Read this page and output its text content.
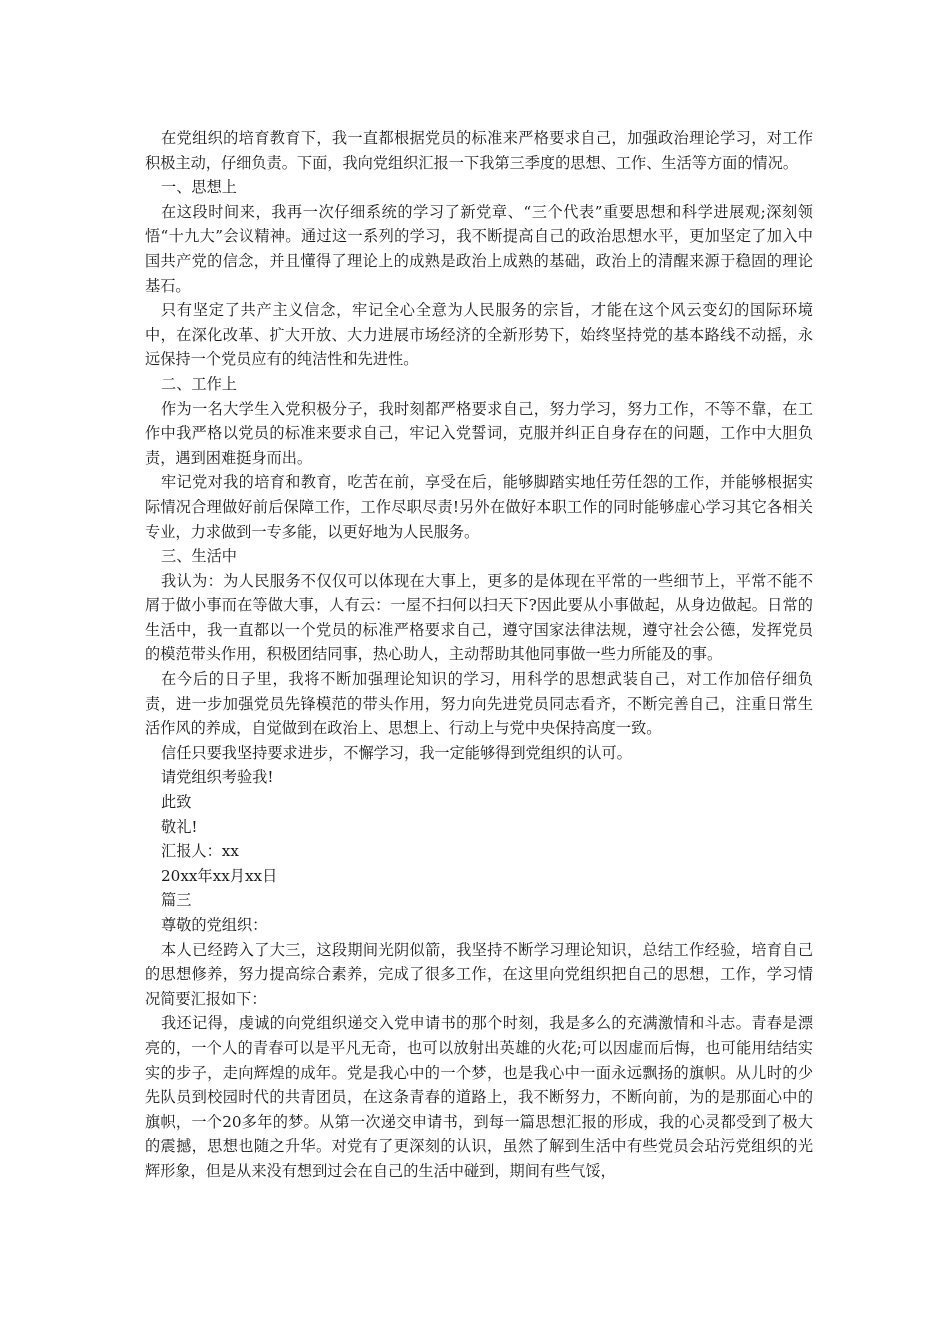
在党组织的培育教育下，我一直都根据党员的标准来严格要求自己，加强政治理论学习，对工作积极主动，仔细负责。下面，我向党组织汇报一下我第三季度的思想、工作、生活等方面的情况。

一、思想上

在这段时间来，我再一次仔细系统的学习了新党章、“三个代表”重要思想和科学进展观;深刻领悟“十九大”会议精神。通过这一系列的学习，我不断提高自己的政治思想水平，更加坚定了加入中国共产党的信念，并且懂得了理论上的成熟是政治上成熟的基础，政治上的清醒来源于稳固的理论基石。

只有坚定了共产主义信念，牢记全心全意为人民服务的宗旨，才能在这个风云变幻的国际环境中，在深化改革、扩大开放、大力进展市场经济的全新形势下，始终坚持党的基本路线不动摇，永远保持一个党员应有的纯洁性和先进性。

二、工作上

作为一名大学生入党积极分子，我时刻都严格要求自己，努力学习，努力工作，不等不靠，在工作中我严格以党员的标准来要求自己，牢记入党誓词，克服并纠正自身存在的问题，工作中大胆负责，遇到困难挺身而出。

牢记党对我的培育和教育，吃苦在前，享受在后，能够脚踏实地任劳任怨的工作，并能够根据实际情况合理做好前后保障工作，工作尽职尽责!另外在做好本职工作的同时能够虚心学习其它各相关专业，力求做到一专多能，以更好地为人民服务。

三、生活中

我认为：为人民服务不仅仅可以体现在大事上，更多的是体现在平常的一些细节上，平常不能不屑于做小事而在等做大事，人有云：一屋不扫何以扫天下?因此要从小事做起，从身边做起。日常的生活中，我一直都以一个党员的标准严格要求自己，遵守国家法律法规，遵守社会公德，发挥党员的模范带头作用，积极团结同事，热心助人，主动帮助其他同事做一些力所能及的事。

在今后的日子里，我将不断加强理论知识的学习，用科学的思想武装自己，对工作加倍仔细负责，进一步加强党员先锋模范的带头作用，努力向先进党员同志看齐，不断完善自己，注重日常生活作风的养成，自觉做到在政治上、思想上、行动上与党中央保持高度一致。

信任只要我坚持要求进步，不懈学习，我一定能够得到党组织的认可。

请党组织考验我!

此致

敬礼!

汇报人：xx

20xx年xx月xx日

篇三

尊敬的党组织：

本人已经跨入了大三，这段期间光阴似箭，我坚持不断学习理论知识，总结工作经验，培育自己的思想修养，努力提高综合素养，完成了很多工作，在这里向党组织把自己的思想，工作，学习情况简要汇报如下：

我还记得，虔诚的向党组织递交入党申请书的那个时刻，我是多么的充满激情和斗志。青春是漂亮的，一个人的青春可以是平凡无奇，也可以放射出英雄的火花;可以因虚而后悔，也可能用结结实实的步子，走向辉煌的成年。党是我心中的一个梦，也是我心中一面永远飘扬的旗帜。从儿时的少先队员到校园时代的共青团员，在这条青春的道路上，我不断努力，不断向前，为的是那面心中的旗帜，一个20多年的梦。从第一次递交申请书，到每一篇思想汇报的形成，我的心灵都受到了极大的震撼，思想也随之升华。对党有了更深刻的认识，虽然了解到生活中有些党员会玷污党组织的光辉形象，但是从来没有想到过会在自己的生活中碰到，期间有些气馁，
